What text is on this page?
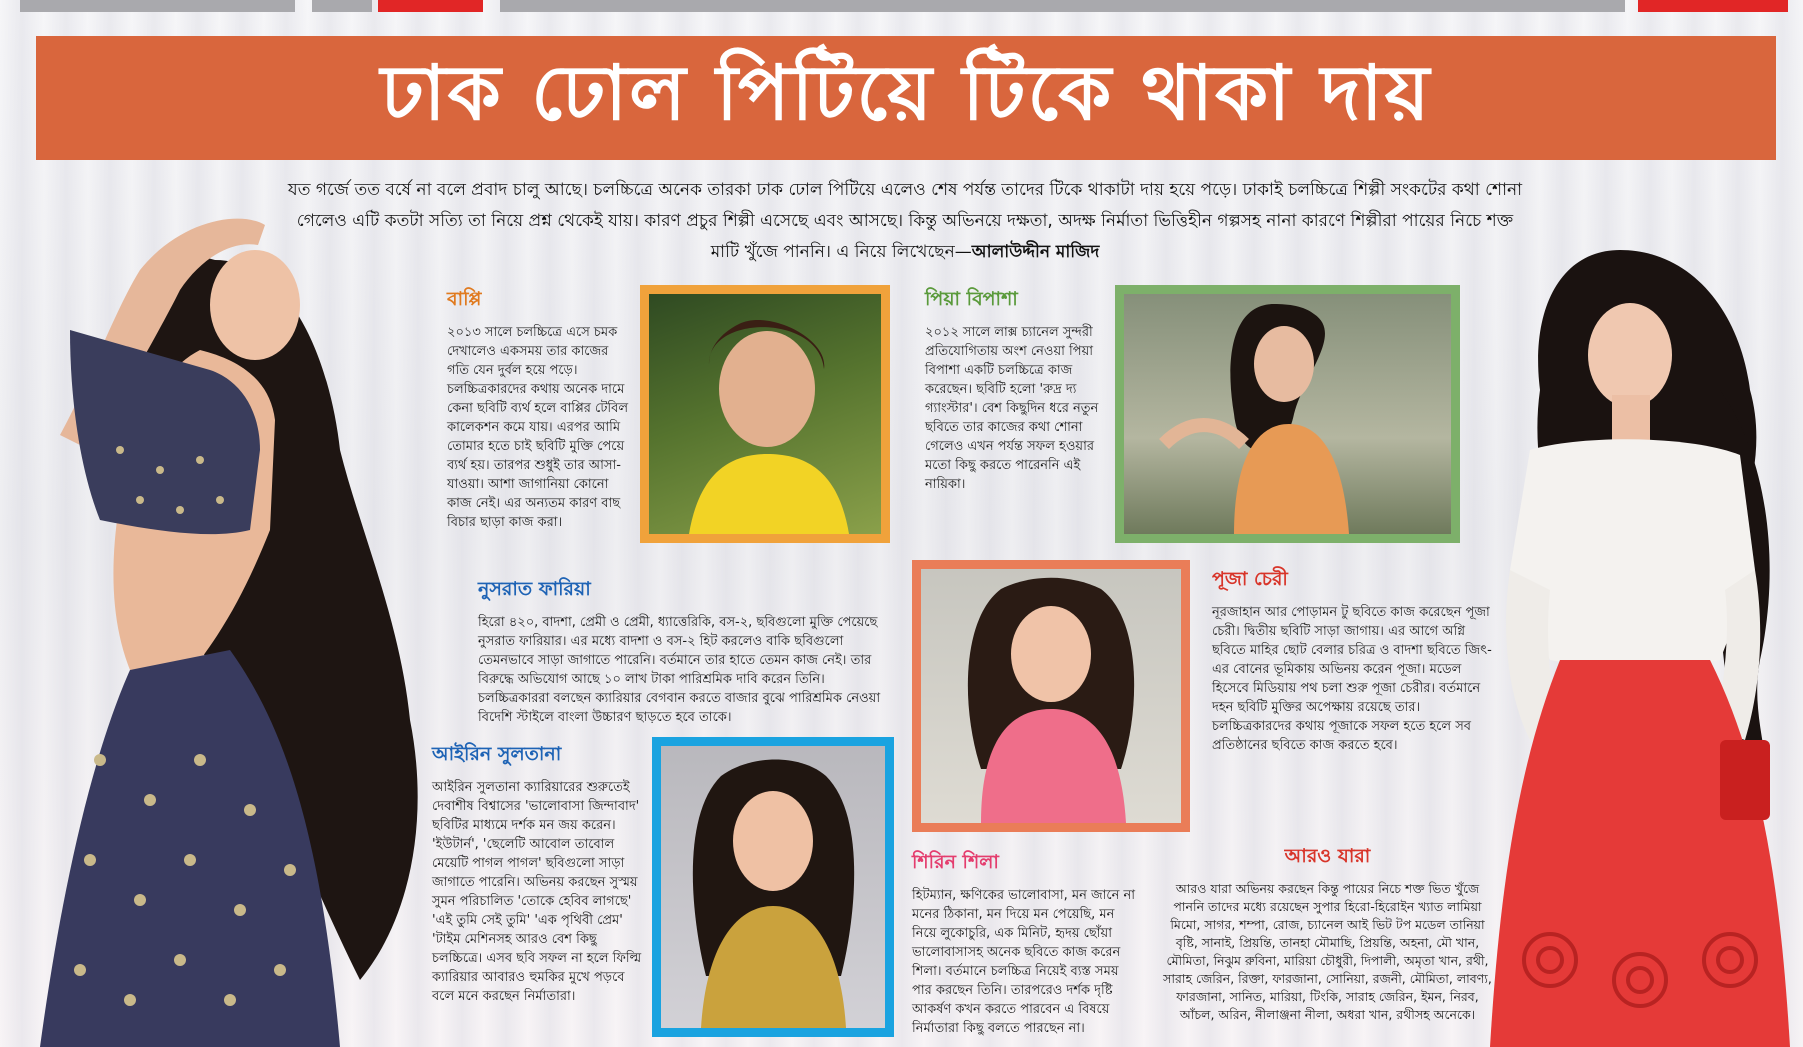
ঢাক ঢোল পিটিয়ে টিকে থাকা দায়
যত গর্জে তত বর্ষে না বলে প্রবাদ চালু আছে। চলচ্চিত্রে অনেক তারকা ঢাক ঢোল পিটিয়ে এলেও শেষ পর্যন্ত তাদের টিকে থাকাটা দায় হয়ে পড়ে। ঢাকাই চলচ্চিত্রে শিল্পী সংকটের কথা শোনা গেলেও এটি কতটা সত্যি তা নিয়ে প্রশ্ন থেকেই যায়। কারণ প্রচুর শিল্পী এসেছে এবং আসছে। কিন্তু অভিনয়ে দক্ষতা, অদক্ষ নির্মাতা ভিত্তিহীন গল্পসহ নানা কারণে শিল্পীরা পায়ের নিচে শক্ত মাটি খুঁজে পাননি। এ নিয়ে লিখেছেন—আলাউদ্দীন মাজিদ
বাপ্পি
২০১৩ সালে চলচ্চিত্রে এসে চমক দেখালেও একসময় তার কাজের গতি যেন দুর্বল হয়ে পড়ে। চলচ্চিত্রকারদের কথায় অনেক দামে কেনা ছবিটি ব্যর্থ হলে বাপ্পির টেবিল কালেকশন কমে যায়। এরপর আমি তোমার হতে চাই ছবিটি মুক্তি পেয়ে ব্যর্থ হয়। তারপর শুধুই তার আসা-যাওয়া। আশা জাগানিয়া কোনো কাজ নেই। এর অন্যতম কারণ বাছ বিচার ছাড়া কাজ করা।
পিয়া বিপাশা
২০১২ সালে লাক্স চ্যানেল সুন্দরী প্রতিযোগিতায় অংশ নেওয়া পিয়া বিপাশা একটি চলচ্চিত্রে কাজ করেছেন। ছবিটি হলো 'রুদ্র দ্য গ্যাংস্টার'। বেশ কিছুদিন ধরে নতুন ছবিতে তার কাজের কথা শোনা গেলেও এখন পর্যন্ত সফল হওয়ার মতো কিছু করতে পারেননি এই নায়িকা।
নুসরাত ফারিয়া
হিরো ৪২০, বাদশা, প্রেমী ও প্রেমী, ধ্যাত্তেরিকি, বস-২, ছবিগুলো মুক্তি পেয়েছে নুসরাত ফারিয়ার। এর মধ্যে বাদশা ও বস-২ হিট করলেও বাকি ছবিগুলো তেমনভাবে সাড়া জাগাতে পারেনি। বর্তমানে তার হাতে তেমন কাজ নেই। তার বিরুদ্ধে অভিযোগ আছে ১০ লাখ টাকা পারিশ্রমিক দাবি করেন তিনি। চলচ্চিত্রকাররা বলছেন ক্যারিয়ার বেগবান করতে বাজার বুঝে পারিশ্রমিক নেওয়া বিদেশি স্টাইলে বাংলা উচ্চারণ ছাড়তে হবে তাকে।
পূজা চেরী
নূরজাহান আর পোড়ামন টু ছবিতে কাজ করেছেন পূজা চেরী। দ্বিতীয় ছবিটি সাড়া জাগায়। এর আগে অগ্নি ছবিতে মাহির ছোট বেলার চরিত্র ও বাদশা ছবিতে জিৎ-এর বোনের ভূমিকায় অভিনয় করেন পূজা। মডেল হিসেবে মিডিয়ায় পথ চলা শুরু পূজা চেরীর। বর্তমানে দহন ছবিটি মুক্তির অপেক্ষায় রয়েছে তার। চলচ্চিত্রকারদের কথায় পূজাকে সফল হতে হলে সব প্রতিষ্ঠানের ছবিতে কাজ করতে হবে।
আইরিন সুলতানা
আইরিন সুলতানা ক্যারিয়ারের শুরুতেই দেবাশীষ বিশ্বাসের 'ভালোবাসা জিন্দাবাদ' ছবিটির মাধ্যমে দর্শক মন জয় করেন। 'ইউটার্ন', 'ছেলেটি আবোল তাবোল মেয়েটি পাগল পাগল' ছবিগুলো সাড়া জাগাতে পারেনি। অভিনয় করছেন সুস্ময় সুমন পরিচালিত 'তোকে হেবিব লাগছে' 'এই তুমি সেই তুমি' 'এক পৃথিবী প্রেম' 'টাইম মেশিনসহ আরও বেশ কিছু চলচ্চিত্রে। এসব ছবি সফল না হলে ফিল্মি ক্যারিয়ার আবারও হুমকির মুখে পড়বে বলে মনে করছেন নির্মাতারা।
শিরিন শিলা
হিটম্যান, ক্ষণিকের ভালোবাসা, মন জানে না মনের ঠিকানা, মন দিয়ে মন পেয়েছি, মন নিয়ে লুকোচুরি, এক মিনিট, হৃদয় ছোঁয়া ভালোবাসাসহ অনেক ছবিতে কাজ করেন শিলা। বর্তমানে চলচ্চিত্র নিয়েই ব্যস্ত সময় পার করছেন তিনি। তারপরেও দর্শক দৃষ্টি আকর্ষণ কখন করতে পারবেন এ বিষয়ে নির্মাতারা কিছু বলতে পারছেন না।
আরও যারা
আরও যারা অভিনয় করছেন কিন্তু পায়ের নিচে শক্ত ভিত খুঁজে পাননি তাদের মধ্যে রয়েছেন সুপার হিরো-হিরোইন খ্যাত লামিয়া মিমো, সাগর, শম্পা, রোজ, চ্যানেল আই ভিট টপ মডেল তানিয়া বৃষ্টি, সানাই, প্রিয়ন্তি, তানহা মৌমাছি, প্রিয়ন্তি, অহনা, মৌ খান, মৌমিতা, নিঝুম রুবিনা, মারিয়া চৌধুরী, দিপালী, অমৃতা খান, রথী, সারাহ জেরিন, রিক্তা, ফারজানা, সোনিয়া, রজনী, মৌমিতা, লাবণ্য, ফারজানা, সানিত, মারিয়া, টিংকি, সারাহ জেরিন, ইমন, নিরব, আঁচল, অরিন, নীলাঞ্জনা নীলা, অধরা খান, রথীসহ অনেকে।
